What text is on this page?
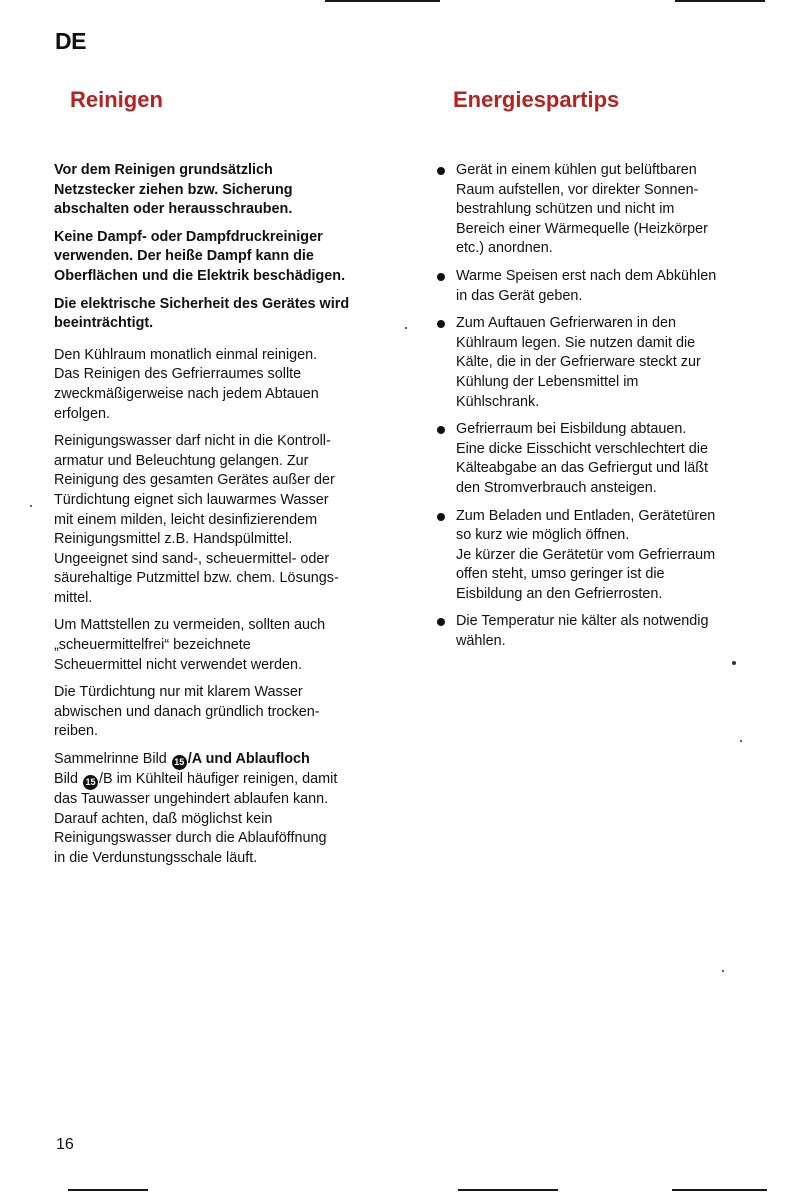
DE
Reinigen	Energiespartips

Vor dem Reinigen grundsätzlich
Netzstecker ziehen bzw. Sicherung
abschalten oder herausschrauben.

Keine Dampf- oder Dampfdruckreiniger
verwenden. Der heiße Dampf kann die
Oberflächen und die Elektrik beschädigen.

Die elektrische Sicherheit des Gerätes wird
beeinträchtigt.

Den Kühlraum monatlich einmal reinigen.
Das Reinigen des Gefrierraumes sollte
zweckmäßigerweise nach jedem Abtauen
erfolgen.

Reinigungswasser darf nicht in die Kontroll-
armatur und Beleuchtung gelangen. Zur
Reinigung des gesamten Gerätes außer der
Türdichtung eignet sich lauwarmes Wasser
mit einem milden, leicht desinfizierendem
Reinigungsmittel z.B. Handspülmittel.
Ungeeignet sind sand-, scheuermittel- oder
säurehaltige Putzmittel bzw. chem. Lösungs-
mittel.

Um Mattstellen zu vermeiden, sollten auch
„scheuermittelfrei“ bezeichnete
Scheuermittel nicht verwendet werden.

Die Türdichtung nur mit klarem Wasser
abwischen und danach gründlich trocken-
reiben.

Sammelrinne Bild 15 /A und Ablaufloch
Bild 15 /B im Kühlteil häufiger reinigen, damit
das Tauwasser ungehindert ablaufen kann.
Darauf achten, daß möglichst kein
Reinigungswasser durch die Ablauföffnung
in die Verdunstungsschale läuft.

Gerät in einem kühlen gut belüftbaren
Raum aufstellen, vor direkter Sonnen-
bestrahlung schützen und nicht im
Bereich einer Wärmequelle (Heizkörper
etc.) anordnen.
Warme Speisen erst nach dem Abkühlen
in das Gerät geben.
Zum Auftauen Gefrierwaren in den
Kühlraum legen. Sie nutzen damit die
Kälte, die in der Gefrierware steckt zur
Kühlung der Lebensmittel im
Kühlschrank.
Gefrierraum bei Eisbildung abtauen.
Eine dicke Eisschicht verschlechtert die
Kälteabgabe an das Gefriergut und läßt
den Stromverbrauch ansteigen.
Zum Beladen und Entladen, Gerätetüren
so kurz wie möglich öffnen.
Je kürzer die Gerätetür vom Gefrierraum
offen steht, umso geringer ist die
Eisbildung an den Gefrierrosten.
Die Temperatur nie kälter als notwendig
wählen.
16
